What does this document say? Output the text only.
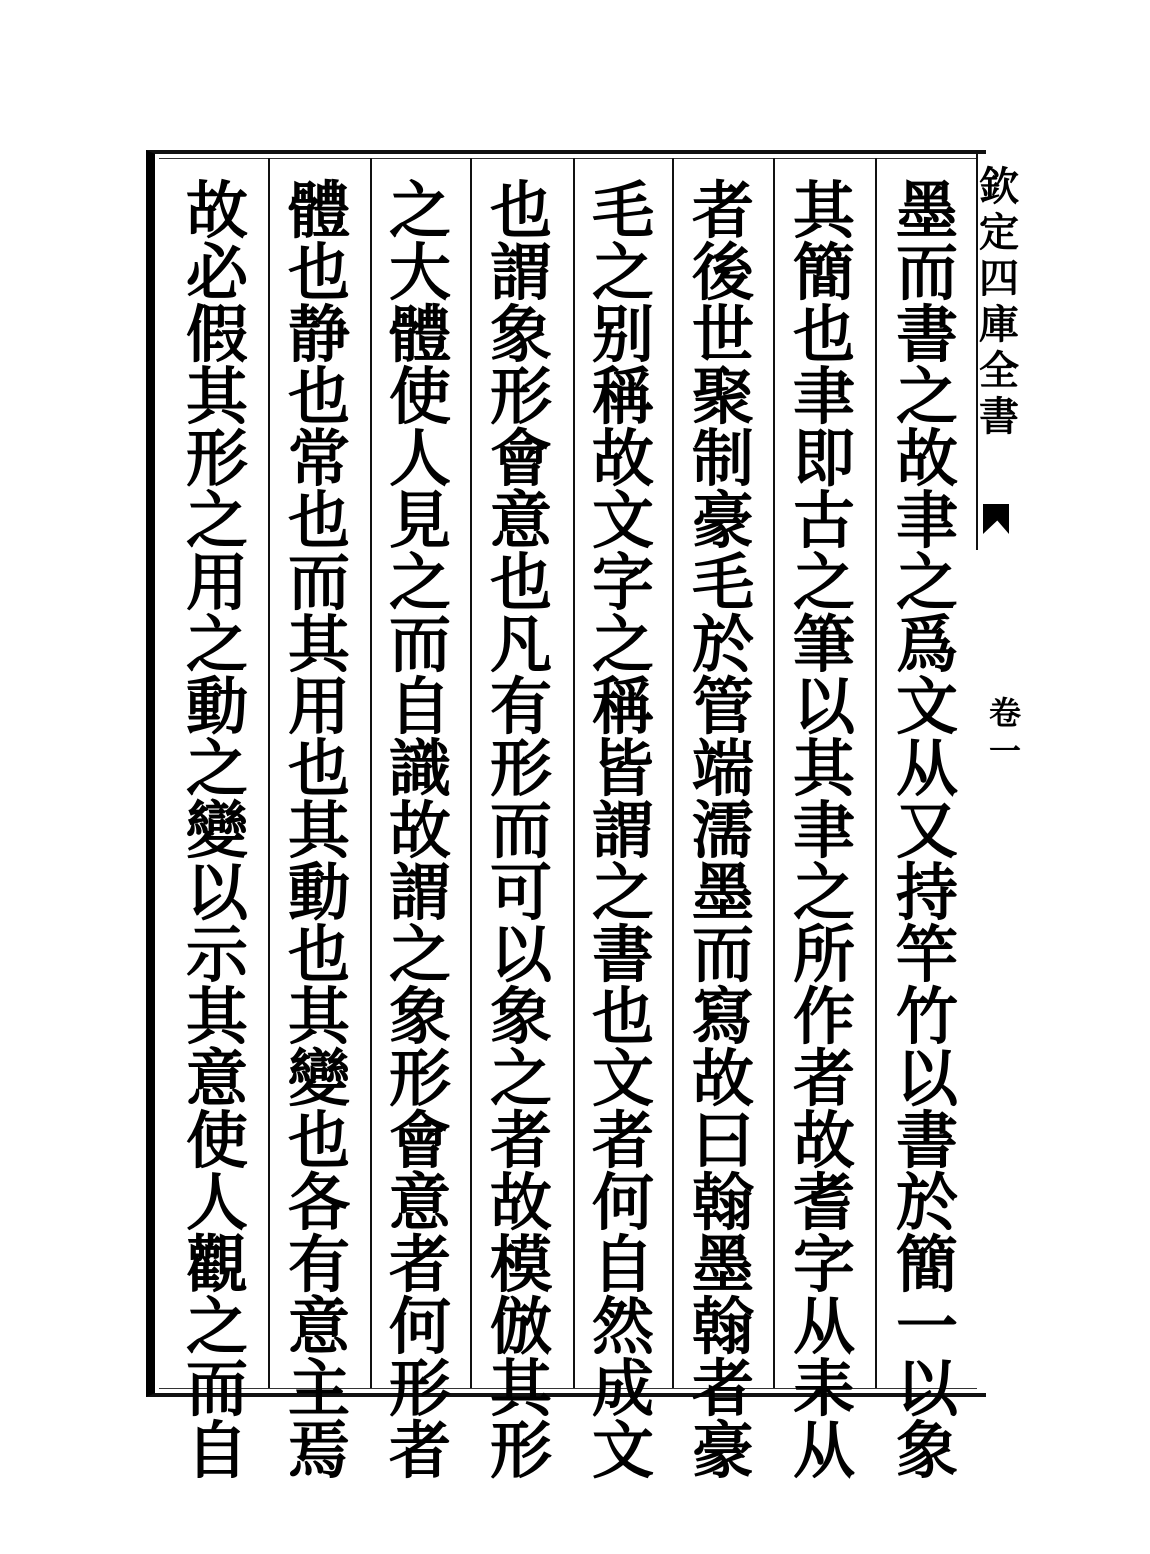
欽
定
四
庫
全
書
卷
一
墨
而
書
之
故
聿
之
爲
文
从
又
持
竿
竹
以
書
於
簡
一
以
象
其
簡
也
聿
即
古
之
筆
以
其
聿
之
所
作
者
故
耆
字
从
耒
从
者
後
世
聚
制
豪
毛
於
管
端
濡
墨
而
寫
故
曰
翰
墨
翰
者
豪
毛
之
别
稱
故
文
字
之
稱
皆
謂
之
書
也
文
者
何
自
然
成
文
也
謂
象
形
會
意
也
凡
有
形
而
可
以
象
之
者
故
模
倣
其
形
之
大
體
使
人
見
之
而
自
識
故
謂
之
象
形
會
意
者
何
形
者
體
也
静
也
常
也
而
其
用
也
其
動
也
其
變
也
各
有
意
主
焉
故
必
假
其
形
之
用
之
動
之
變
以
示
其
意
使
人
觀
之
而
自
